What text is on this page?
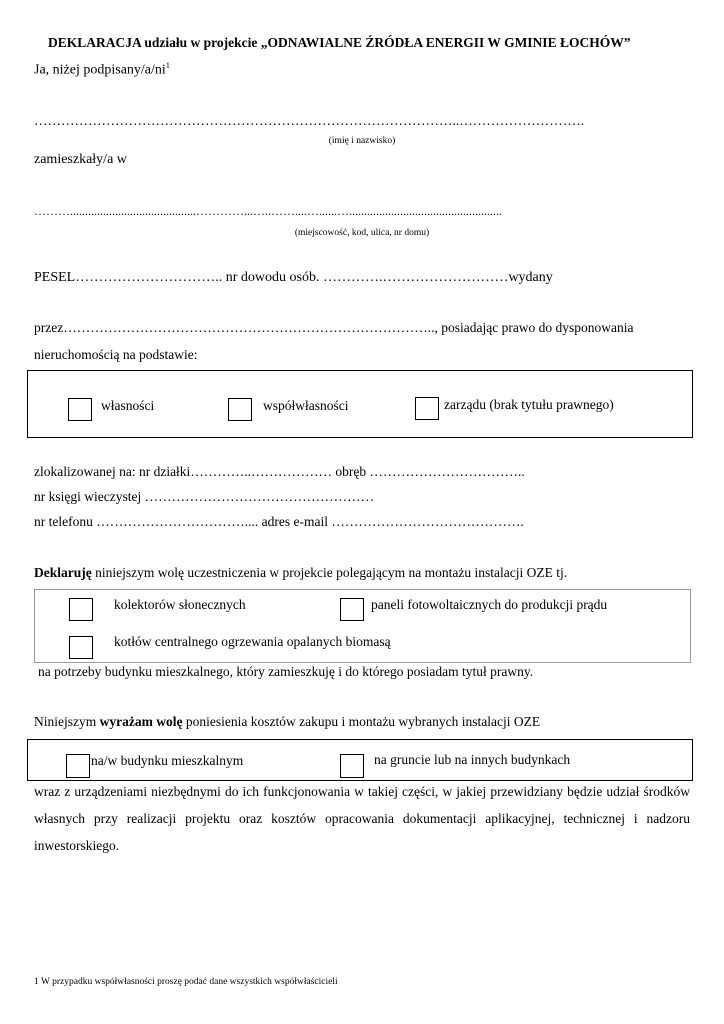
DEKLARACJA udziału w projekcie „ODNAWIALNE ŹRÓDŁA ENERGII W GMINIE ŁOCHÓW”
Ja, niżej podpisany/$a/ni^1$
…………………………………………………………………………………..……………………….
(imię i nazwisko)
zamieszkały/a w
………..........................................…………...…..……....…......…...................................................
(miejscowość, kod, ulica, nr domu)
PESEL………………………….. nr dowodu osób. ………….………………………wydany
przez……………………………………………………………………….., posiadając prawo do dysponowania
nieruchomością na podstawie:
własności	współwłasności	zarządu (brak tytułu prawnego)
zlokalizowanej na: nr działki…………..……………… obręb ……………………………..
nr księgi wieczystej ……………………………………………
nr telefonu …………………………….... adres e-mail …………………………………….
Deklaruję niniejszym wolę uczestniczenia w projekcie polegającym na montażu instalacji OZE tj.
kolektorów słonecznych	paneli fotowoltaicznych do produkcji prądu
kotłów centralnego ogrzewania opalanych biomasą
na potrzeby budynku mieszkalnego, który zamieszkuję i do którego posiadam tytuł prawny.
Niniejszym wyrażam wolę poniesienia kosztów zakupu i montażu wybranych instalacji OZE
na/w budynku mieszkalnym	na gruncie lub na innych budynkach
wraz z urządzeniami niezbędnymi do ich funkcjonowania w takiej części, w jakiej przewidziany będzie udział środków własnych przy realizacji projektu oraz kosztów opracowania dokumentacji aplikacyjnej, technicznej i nadzoru inwestorskiego.
1 W przypadku współwłasności proszę podać dane wszystkich współwłaścicieli
